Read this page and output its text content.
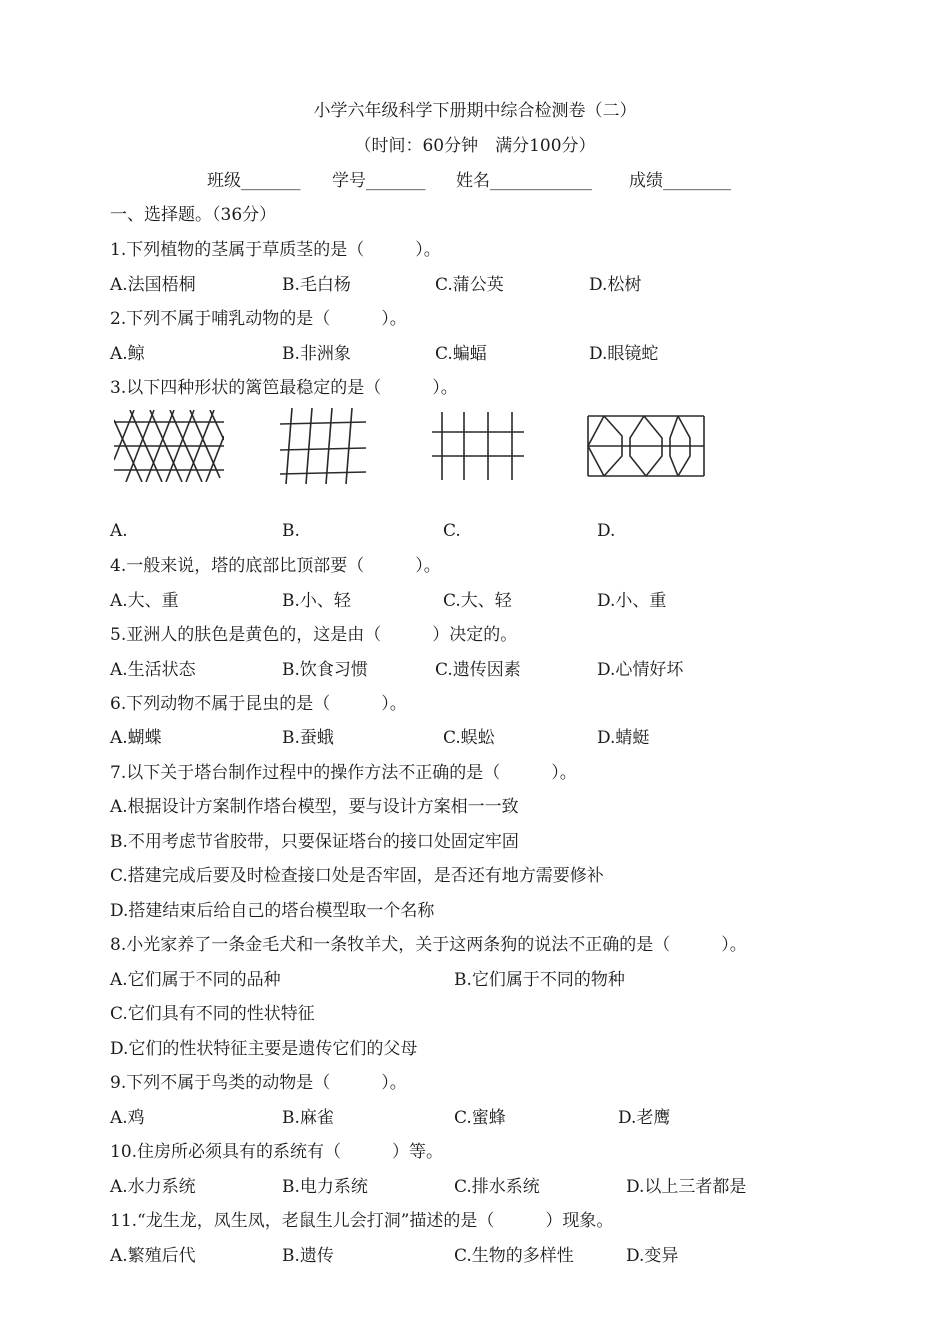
小学六年级科学下册期中综合检测卷（二）
（时间：60分钟　满分100分）
班级_______ 学号_______ 姓名____________ 成绩________
一、选择题。（36分）
1.下列植物的茎属于草质茎的是（　　　）。
A.法国梧桐	B.毛白杨	C.蒲公英	D.松树
2.下列不属于哺乳动物的是（　　　）。
A.鲸	B.非洲象	C.蝙蝠	D.眼镜蛇
3.以下四种形状的篱笆最稳定的是（　　　）。
A.	B.	C.	D.
4.一般来说，塔的底部比顶部要（　　　）。
A.大、重	B.小、轻	C.大、轻	D.小、重
5.亚洲人的肤色是黄色的，这是由（　　　）决定的。
A.生活状态	B.饮食习惯	C.遗传因素	D.心情好坏
6.下列动物不属于昆虫的是（　　　）。
A.蝴蝶	B.蚕蛾	C.蜈蚣	D.蜻蜓
7.以下关于塔台制作过程中的操作方法不正确的是（　　　）。
A.根据设计方案制作塔台模型，要与设计方案相一一致
B.不用考虑节省胶带，只要保证塔台的接口处固定牢固
C.搭建完成后要及时检查接口处是否牢固，是否还有地方需要修补
D.搭建结束后给自己的塔台模型取一个名称
8.小光家养了一条金毛犬和一条牧羊犬，关于这两条狗的说法不正确的是（　　　）。
A.它们属于不同的品种	B.它们属于不同的物种
C.它们具有不同的性状特征
D.它们的性状特征主要是遗传它们的父母
9.下列不属于鸟类的动物是（　　　）。
A.鸡	B.麻雀	C.蜜蜂	D.老鹰
10.住房所必须具有的系统有（　　　）等。
A.水力系统	B.电力系统	C.排水系统	D.以上三者都是
11.“龙生龙，凤生凤，老鼠生儿会打洞”描述的是（　　　）现象。
A.繁殖后代	B.遗传	C.生物的多样性	D.变异
